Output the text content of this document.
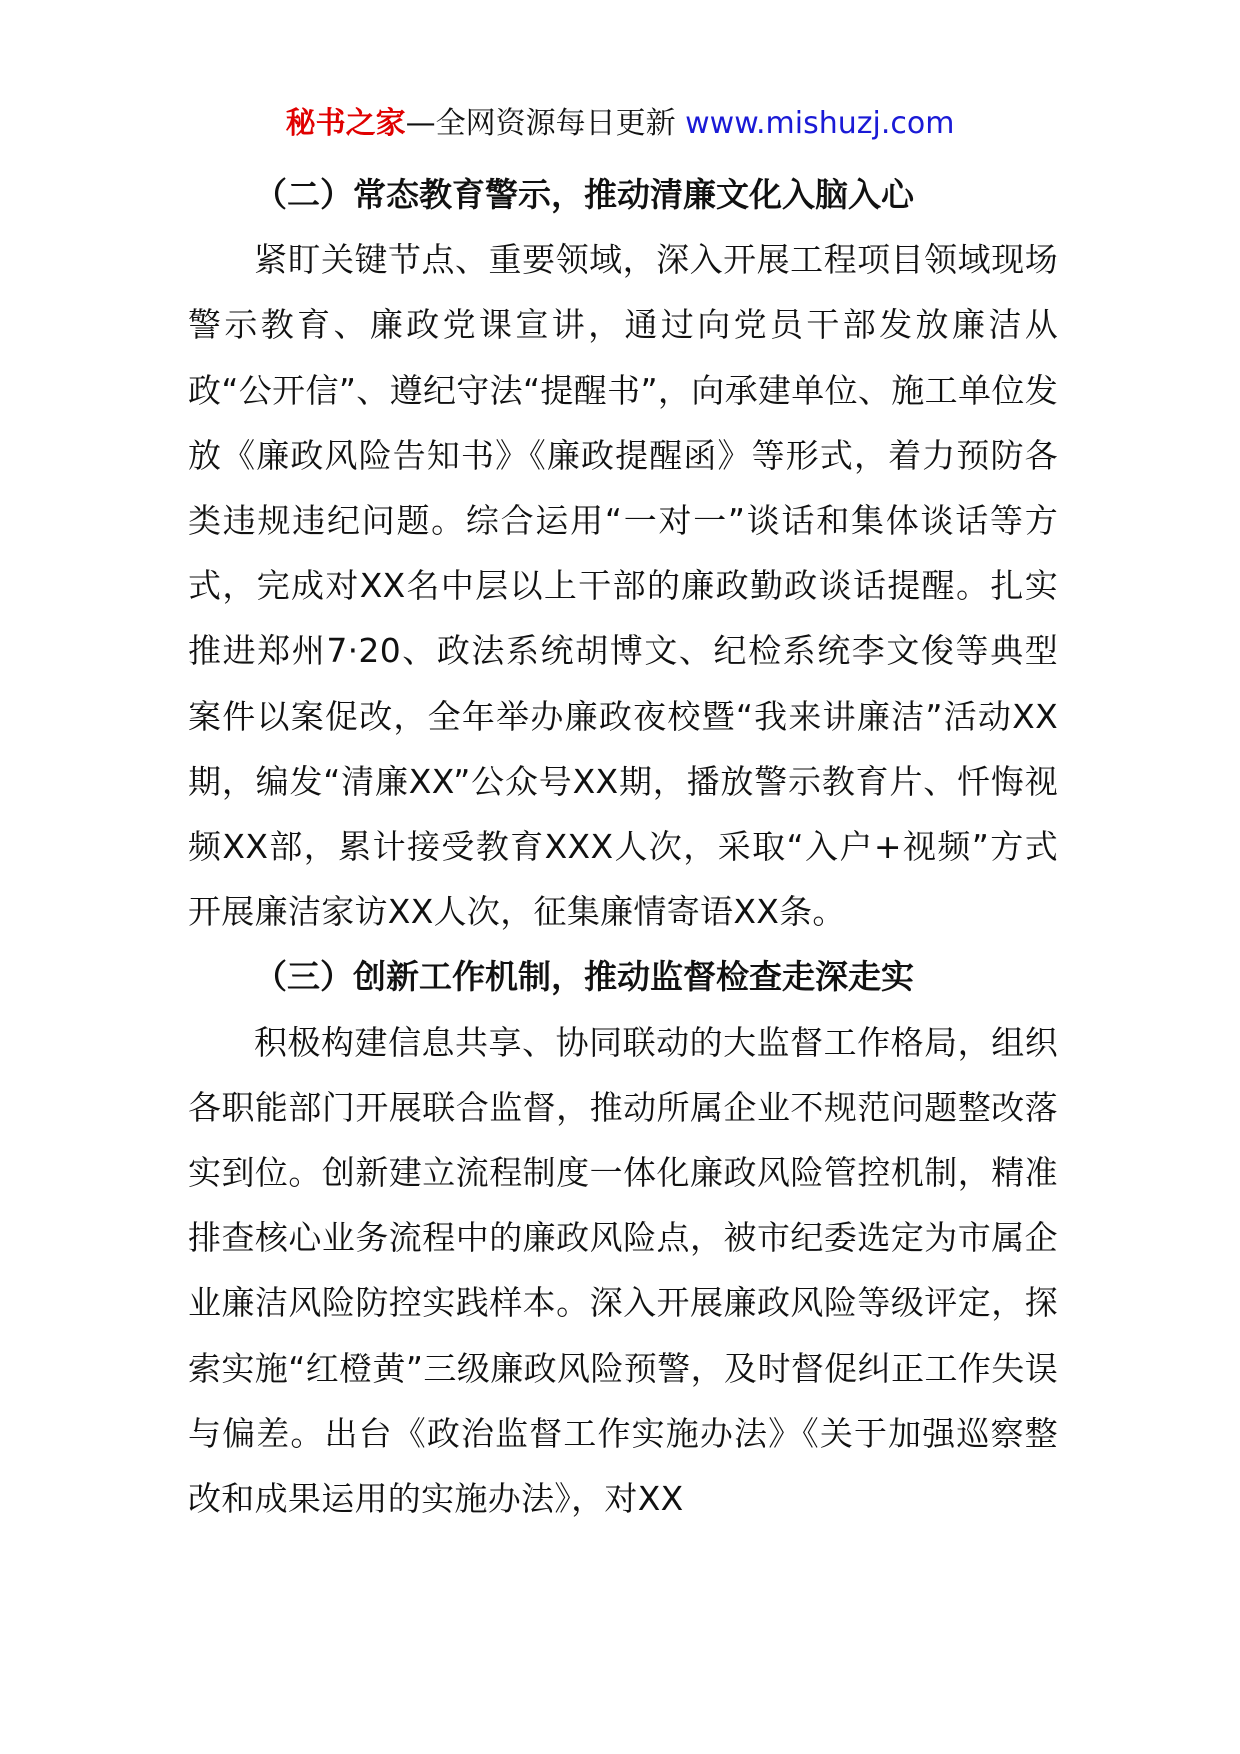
秘书之家—全网资源每日更新 www.mishuzj.com

（二）常态教育警示，推动清廉文化入脑入心

紧盯关键节点、重要领域，深入开展工程项目领域现场警示教育、廉政党课宣讲，通过向党员干部发放廉洁从政“公开信”、遵纪守法“提醒书”，向承建单位、施工单位发放《廉政风险告知书》《廉政提醒函》等形式，着力预防各类违规违纪问题。综合运用“一对一”谈话和集体谈话等方式，完成对XX名中层以上干部的廉政勤政谈话提醒。扎实推进郑州7·20、政法系统胡博文、纪检系统李文俊等典型案件以案促改，全年举办廉政夜校暨“我来讲廉洁”活动XX期，编发“清廉XX”公众号XX期，播放警示教育片、忏悔视频XX部，累计接受教育XXX人次，采取“入户+视频”方式开展廉洁家访XX人次，征集廉情寄语XX条。

（三）创新工作机制，推动监督检查走深走实

积极构建信息共享、协同联动的大监督工作格局，组织各职能部门开展联合监督，推动所属企业不规范问题整改落实到位。创新建立流程制度一体化廉政风险管控机制，精准排查核心业务流程中的廉政风险点，被市纪委选定为市属企业廉洁风险防控实践样本。深入开展廉政风险等级评定，探索实施“红橙黄”三级廉政风险预警，及时督促纠正工作失误与偏差。出台《政治监督工作实施办法》《关于加强巡察整改和成果运用的实施办法》，对XX
